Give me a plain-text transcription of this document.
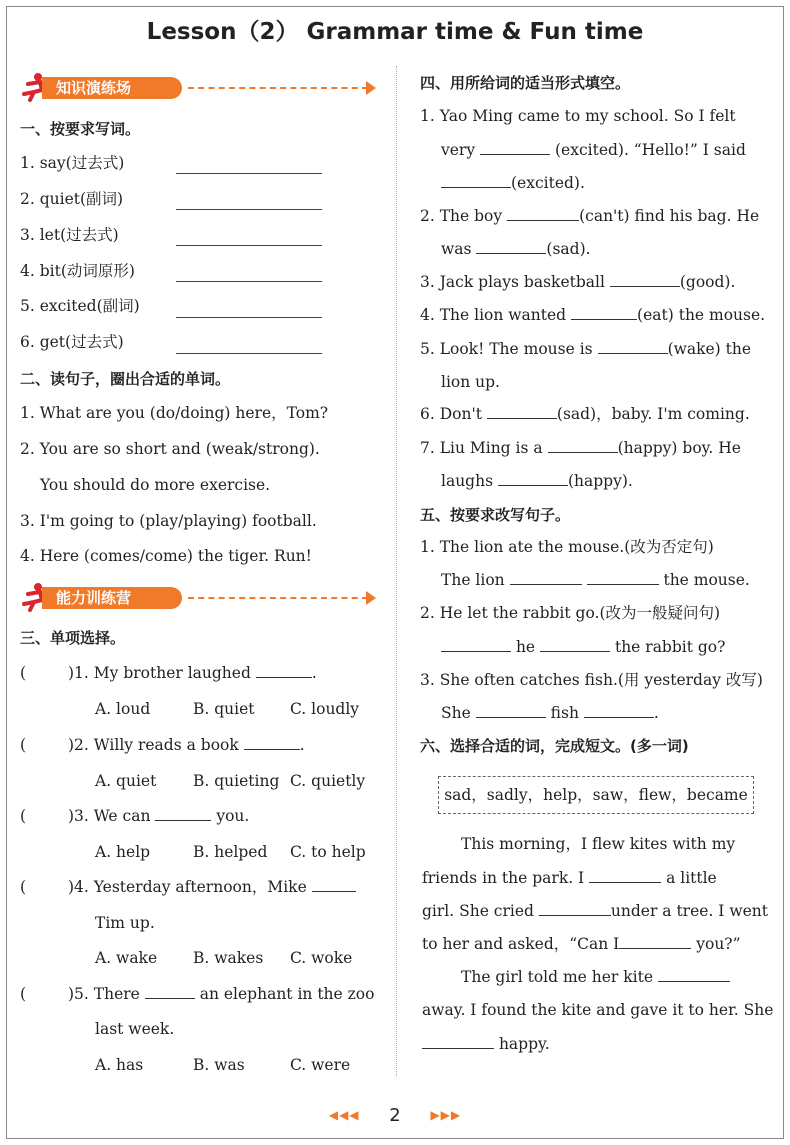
Lesson（2） Grammar time & Fun time
知识演练场
一、按要求写词。
1. say(过去式)
2. quiet(副词)
3. let(过去式)
4. bit(动词原形)
5. excited(副词)
6. get(过去式)
二、读句子，圈出合适的单词。
1. What are you (do/doing) here，Tom?
2. You are so short and (weak/strong).
You should do more exercise.
3. I'm going to (play/playing) football.
4. Here (comes/come) the tiger. Run!
能力训练营
三、单项选择。
(	)1. My brother laughed	.
A. loud	B. quiet C. loudly
(	)2. Willy reads a book	.
A. quiet B. quieting C. quietly
(	)3. We can	you.
A. help	B. helped C. to help
(	)4. Yesterday afternoon，Mike
Tim up.
A. wake B. wakes C. woke
(	)5. There	an elephant in the zoo
last week.
A. has	B. was	C. were
四、用所给词的适当形式填空。
1. Yao Ming came to my school. So I felt
very	(excited). “Hello!” I said
(excited).
2. The boy	(can't) find his bag. He
was	(sad).
3. Jack plays basketball	(good).
4. The lion wanted	(eat) the mouse.
5. Look! The mouse is	(wake) the
lion up.
6. Don't	(sad)，baby. I'm coming.
7. Liu Ming is a	(happy) boy. He
laughs	(happy).
五、按要求改写句子。
1. The lion ate the mouse.(改为否定句)
The lion	the mouse.
2. He let the rabbit go.(改为一般疑问句)
he	the rabbit go?
3. She often catches fish.(用 yesterday 改写)
She	fish	.
六、选择合适的词，完成短文。(多一词)
sad，sadly，help，saw，flew，became
This morning，I flew kites with my
friends in the park. I	a little
girl. She cried	under a tree. I went
to her and asked，“Can I	you?”
The girl told me her kite
away. I found the kite and gave it to her. She
happy.
◀◀◀ 2 ▶▶▶
